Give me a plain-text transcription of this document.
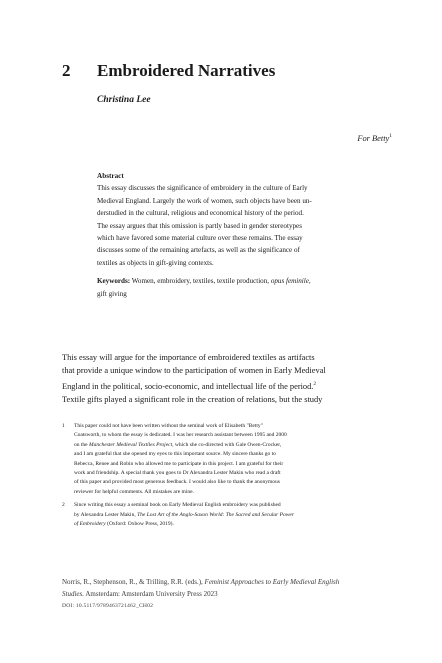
2 Embroidered Narratives
Christina Lee
For Betty$^1$
Abstract

This essay discusses the significance of embroidery in the culture of Early
Medieval England. Largely the work of women, such objects have been un-
derstudied in the cultural, religious and economical history of the period.
The essay argues that this omission is partly based in gender stereotypes
which have favored some material culture over these remains. The essay
discusses some of the remaining artefacts, as well as the significance of
textiles as objects in gift-giving contexts.

Keywords: Women, embroidery, textiles, textile production, opus feminile,
gift giving

This essay will argue for the importance of embroidered textiles as artifacts
that provide a unique window to the participation of women in Early Medieval
England in the political, socio-economic, and intellectual life of the period.$^2$
Textile gifts played a significant role in the creation of relations, but the study
1	This paper could not have been written without the seminal work of Elisabeth "Betty"
Coatsworth, to whom the essay is dedicated. I was her research assistant between 1995 and 2000
on the Manchester Medieval Textiles Project, which she co-directed with Gale Owen-Crocker,
and I am grateful that she opened my eyes to this important source. My sincere thanks go to
Rebecca, Renee and Robin who allowed me to participate in this project. I am grateful for their
work and friendship. A special thank you goes to Dr Alexandra Lester Makin who read a draft
of this paper and provided most generous feedback. I would also like to thank the anonymous
reviewer for helpful comments. All mistakes are mine.
2	Since writing this essay a seminal book on Early Medieval English embroidery was published
by Alexandra Lester Makin, The Lost Art of the Anglo-Saxon World: The Sacred and Secular Power
of Embroidery (Oxford: Oxbow Press, 2019).
Norris, R., Stephenson, R., & Trilling, R.R. (eds.), Feminist Approaches to Early Medieval English
Studies. Amsterdam: Amsterdam University Press 2023
DOI: 10.5117/9789463721462_CH02
